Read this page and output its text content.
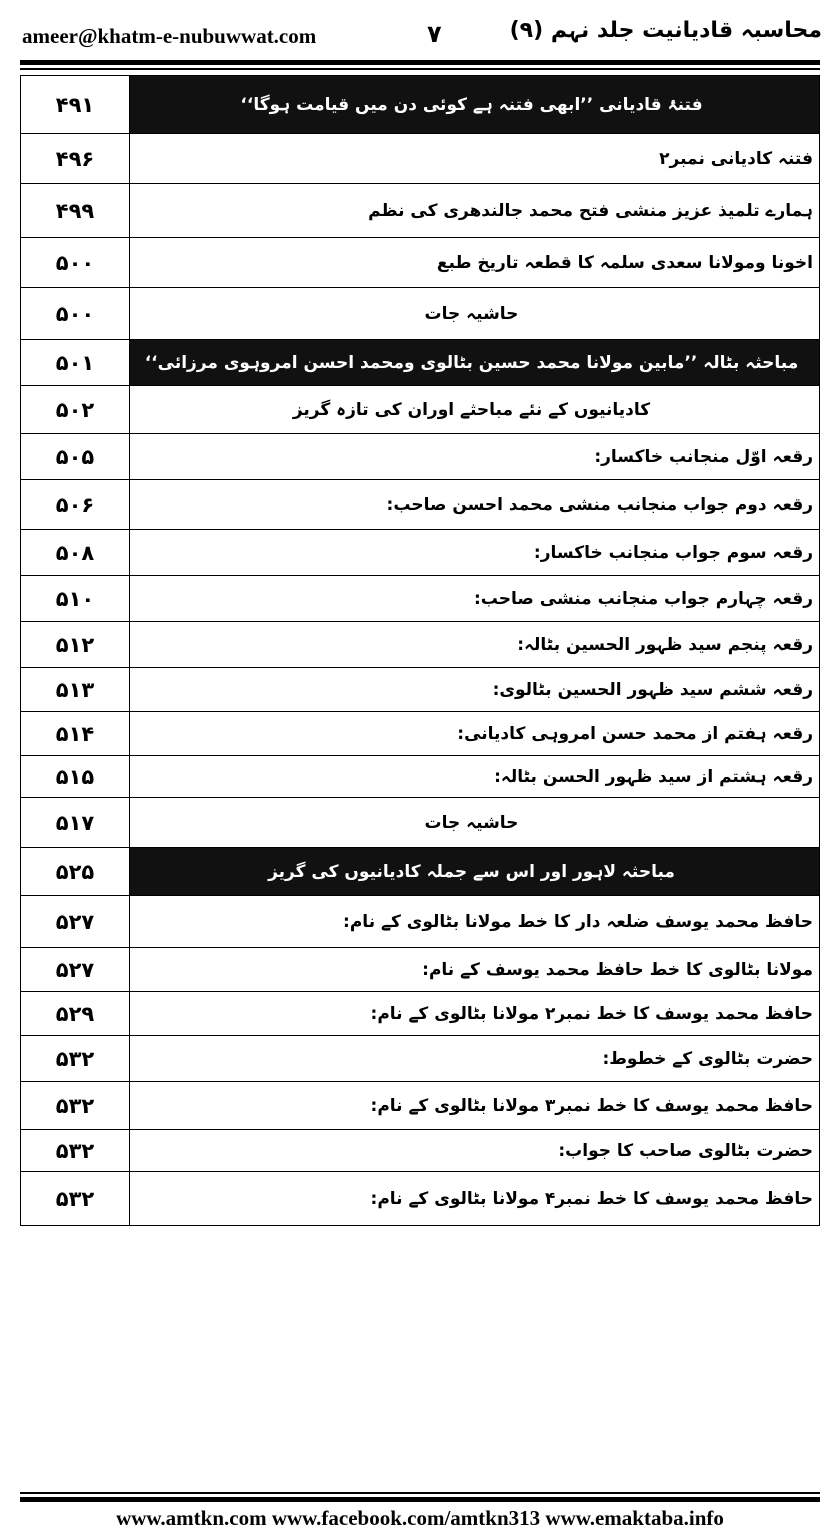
ameer@khatm-e-nubuwwat.com	۷	محاسبہ قادیانیت جلد نہم (۹)
۴۹۱	فتنۂ قادیانی ’’ابھی فتنہ ہے کوئی دن میں قیامت ہوگا‘‘
۴۹۶	فتنہ کادیانی نمبر۲
۴۹۹	ہمارے تلمیذ عزیز منشی فتح محمد جالندھری کی نظم
۵۰۰	اخونا ومولانا سعدی سلمہ کا قطعہ تاریخ طبع
۵۰۰	حاشیہ جات
۵۰۱	مباحثہ بٹالہ ’’مابین مولانا محمد حسین بٹالوی ومحمد احسن امروہوی مرزائی‘‘
۵۰۲	کادیانیوں کے نئے مباحثے اوران کی تازہ گریز
۵۰۵	رقعہ اوّل منجانب خاکسار:
۵۰۶	رقعہ دوم جواب منجانب منشی محمد احسن صاحب:
۵۰۸	رقعہ سوم جواب منجانب خاکسار:
۵۱۰	رقعہ چہارم جواب منجانب منشی صاحب:
۵۱۲	رقعہ پنجم سید ظہور الحسین بٹالہ:
۵۱۳	رقعہ ششم سید ظہور الحسین بٹالوی:
۵۱۴	رقعہ ہفتم از محمد حسن امروہی کادیانی:
۵۱۵	رقعہ ہشتم از سید ظہور الحسن بٹالہ:
۵۱۷	حاشیہ جات
۵۲۵	مباحثہ لاہور اور اس سے جملہ کادیانیوں کی گریز
۵۲۷	حافظ محمد یوسف ضلعہ دار کا خط مولانا بٹالوی کے نام:
۵۲۷	مولانا بٹالوی کا خط حافظ محمد یوسف کے نام:
۵۲۹	حافظ محمد یوسف کا خط نمبر۲ مولانا بٹالوی کے نام:
۵۳۲	حضرت بٹالوی کے خطوط:
۵۳۲	حافظ محمد یوسف کا خط نمبر۳ مولانا بٹالوی کے نام:
۵۳۲	حضرت بٹالوی صاحب کا جواب:
۵۳۲	حافظ محمد یوسف کا خط نمبر۴ مولانا بٹالوی کے نام:
www.amtkn.com www.facebook.com/amtkn313 www.emaktaba.info
